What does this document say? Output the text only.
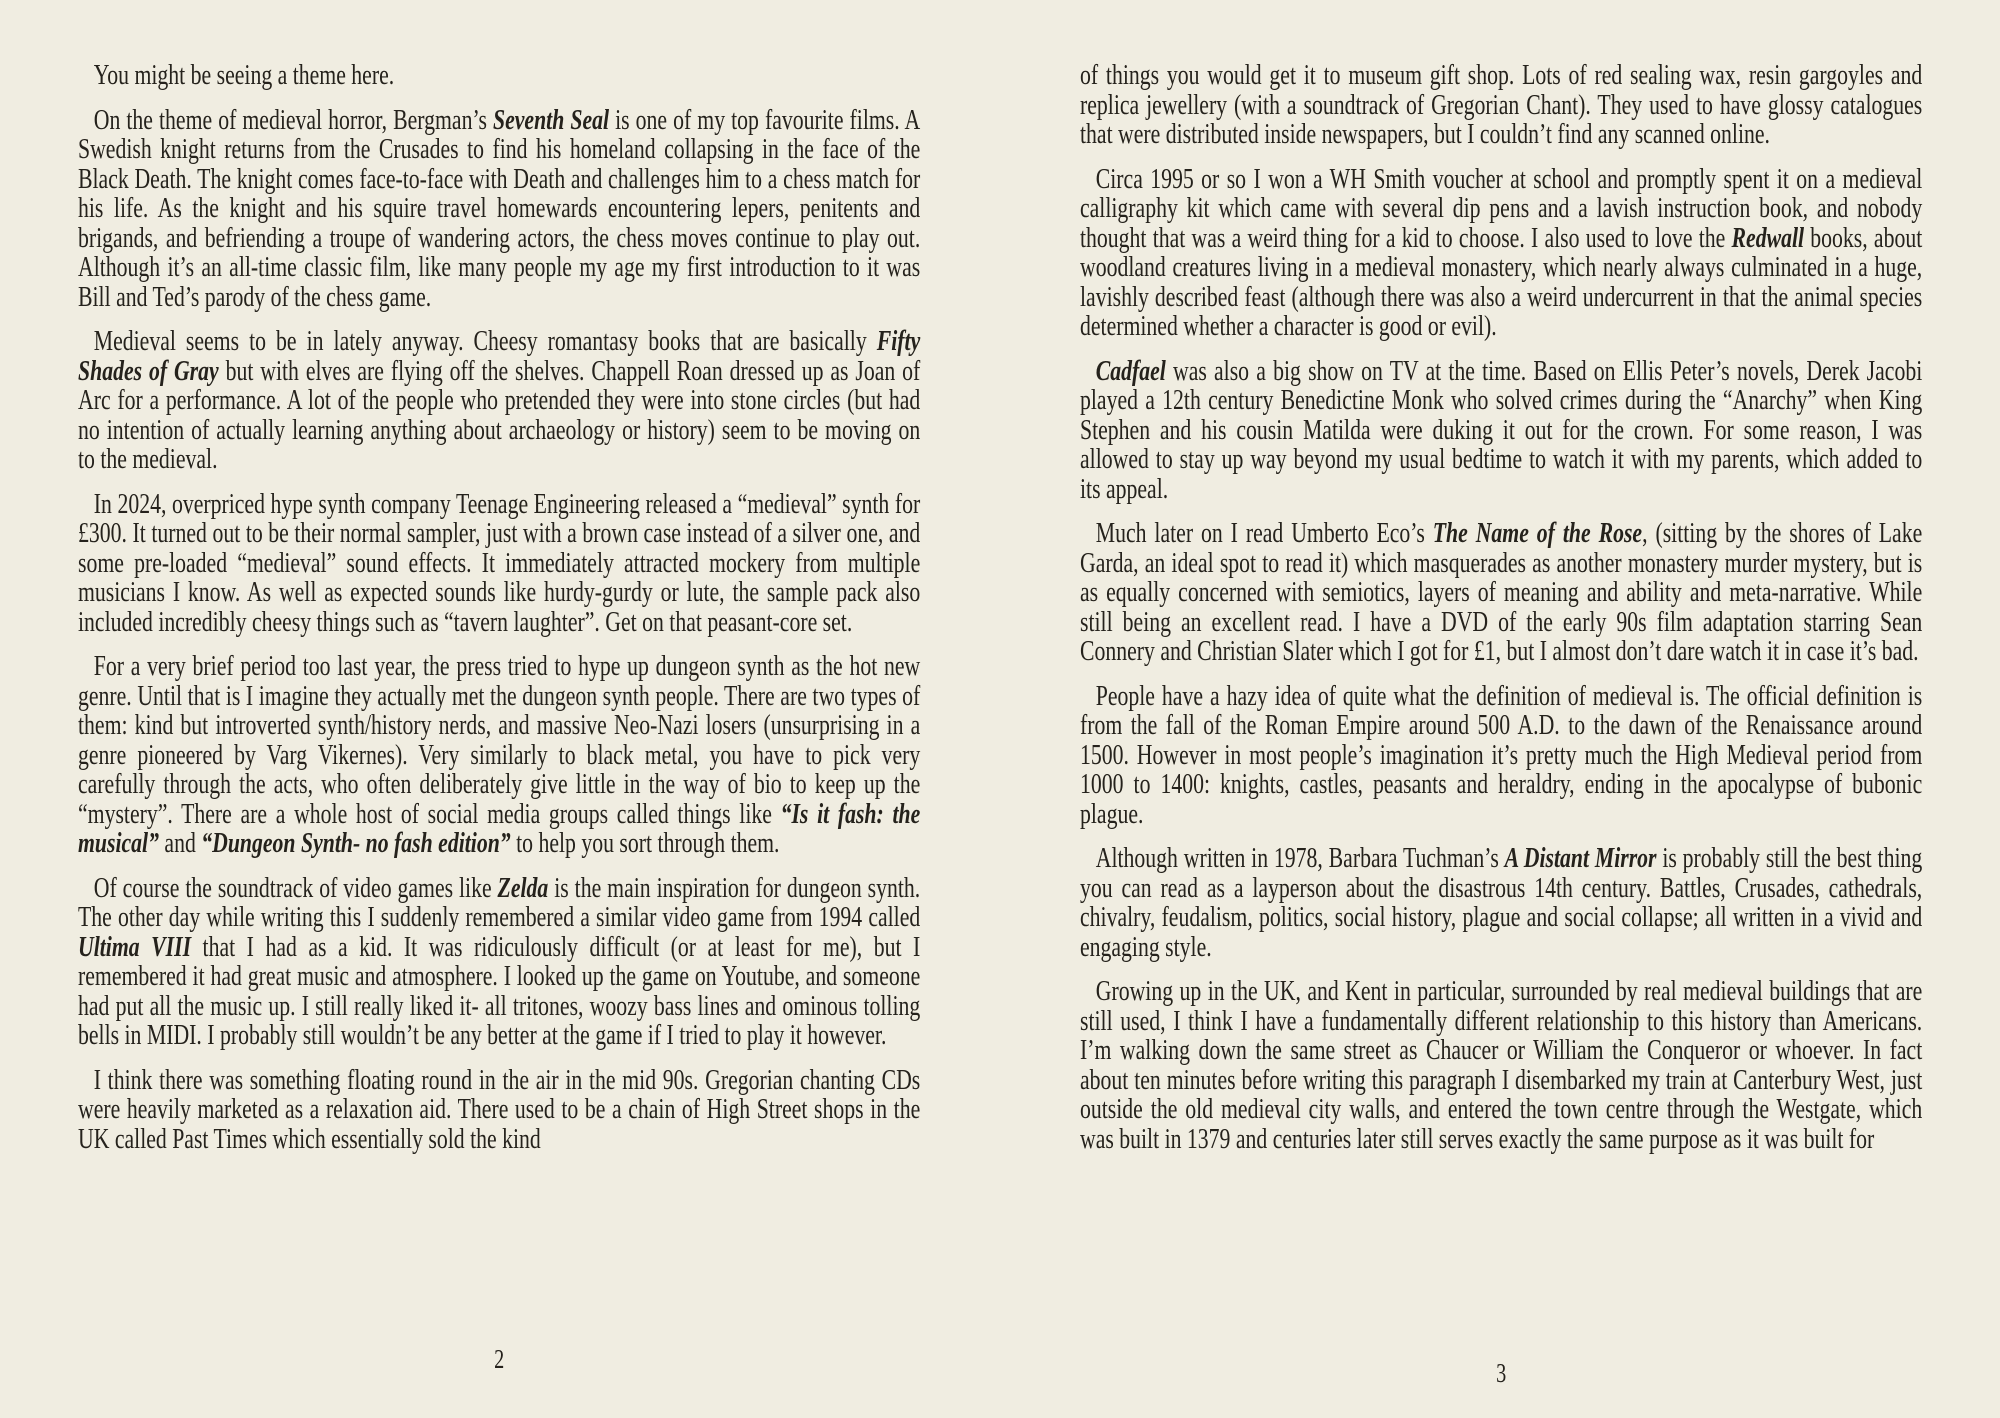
You might be seeing a theme here.

On the theme of medieval horror, Bergman’s Seventh Seal is one of my top favourite films. A Swedish knight returns from the Crusades to find his homeland collapsing in the face of the Black Death. The knight comes face-to-face with Death and challenges him to a chess match for his life. As the knight and his squire travel homewards encountering lepers, penitents and brigands, and befriending a troupe of wandering actors, the chess moves continue to play out. Although it’s an all-time classic film, like many people my age my first introduction to it was Bill and Ted’s parody of the chess game.

Medieval seems to be in lately anyway. Cheesy romantasy books that are basically Fifty Shades of Gray but with elves are flying off the shelves. Chappell Roan dressed up as Joan of Arc for a performance. A lot of the people who pretended they were into stone circles (but had no intention of actually learning anything about archaeology or history) seem to be moving on to the medieval.

In 2024, overpriced hype synth company Teenage Engineering released a “medieval” synth for £300. It turned out to be their normal sampler, just with a brown case instead of a silver one, and some pre-loaded “medieval” sound effects. It immediately attracted mockery from multiple musicians I know. As well as expected sounds like hurdy-gurdy or lute, the sample pack also included incredibly cheesy things such as “tavern laughter”. Get on that peasant-core set.

For a very brief period too last year, the press tried to hype up dungeon synth as the hot new genre. Until that is I imagine they actually met the dungeon synth people. There are two types of them: kind but introverted synth/history nerds, and massive Neo-Nazi losers (unsurprising in a genre pioneered by Varg Vikernes). Very similarly to black metal, you have to pick very carefully through the acts, who often deliberately give little in the way of bio to keep up the “mystery”. There are a whole host of social media groups called things like “Is it fash: the musical” and “Dungeon Synth- no fash edition” to help you sort through them.

Of course the soundtrack of video games like Zelda is the main inspiration for dungeon synth. The other day while writing this I suddenly remembered a similar video game from 1994 called Ultima VIII that I had as a kid. It was ridiculously difficult (or at least for me), but I remembered it had great music and atmosphere. I looked up the game on Youtube, and someone had put all the music up. I still really liked it- all tritones, woozy bass lines and ominous tolling bells in MIDI. I probably still wouldn’t be any better at the game if I tried to play it however.

I think there was something floating round in the air in the mid 90s. Gregorian chanting CDs were heavily marketed as a relaxation aid. There used to be a chain of High Street shops in the UK called Past Times which essentially sold the kind

of things you would get it to museum gift shop. Lots of red sealing wax, resin gargoyles and replica jewellery (with a soundtrack of Gregorian Chant). They used to have glossy catalogues that were distributed inside newspapers, but I couldn’t find any scanned online.

Circa 1995 or so I won a WH Smith voucher at school and promptly spent it on a medieval calligraphy kit which came with several dip pens and a lavish instruction book, and nobody thought that was a weird thing for a kid to choose. I also used to love the Redwall books, about woodland creatures living in a medieval monastery, which nearly always culminated in a huge, lavishly described feast (although there was also a weird undercurrent in that the animal species determined whether a character is good or evil).

Cadfael was also a big show on TV at the time. Based on Ellis Peter’s novels, Derek Jacobi played a 12th century Benedictine Monk who solved crimes during the “Anarchy” when King Stephen and his cousin Matilda were duking it out for the crown. For some reason, I was allowed to stay up way beyond my usual bedtime to watch it with my parents, which added to its appeal.

Much later on I read Umberto Eco’s The Name of the Rose, (sitting by the shores of Lake Garda, an ideal spot to read it) which masquerades as another monastery murder mystery, but is as equally concerned with semiotics, layers of meaning and ability and meta-narrative. While still being an excellent read. I have a DVD of the early 90s film adaptation starring Sean Connery and Christian Slater which I got for £1, but I almost don’t dare watch it in case it’s bad.

People have a hazy idea of quite what the definition of medieval is. The official definition is from the fall of the Roman Empire around 500 A.D. to the dawn of the Renaissance around 1500. However in most people’s imagination it’s pretty much the High Medieval period from 1000 to 1400: knights, castles, peasants and heraldry, ending in the apocalypse of bubonic plague.

Although written in 1978, Barbara Tuchman’s A Distant Mirror is probably still the best thing you can read as a layperson about the disastrous 14th century. Battles, Crusades, cathedrals, chivalry, feudalism, politics, social history, plague and social collapse; all written in a vivid and engaging style.

Growing up in the UK, and Kent in particular, surrounded by real medieval buildings that are still used, I think I have a fundamentally different relationship to this history than Americans. I’m walking down the same street as Chaucer or William the Conqueror or whoever. In fact about ten minutes before writing this paragraph I disembarked my train at Canterbury West, just outside the old medieval city walls, and entered the town centre through the Westgate, which was built in 1379 and centuries later still serves exactly the same purpose as it was built for

2	3
